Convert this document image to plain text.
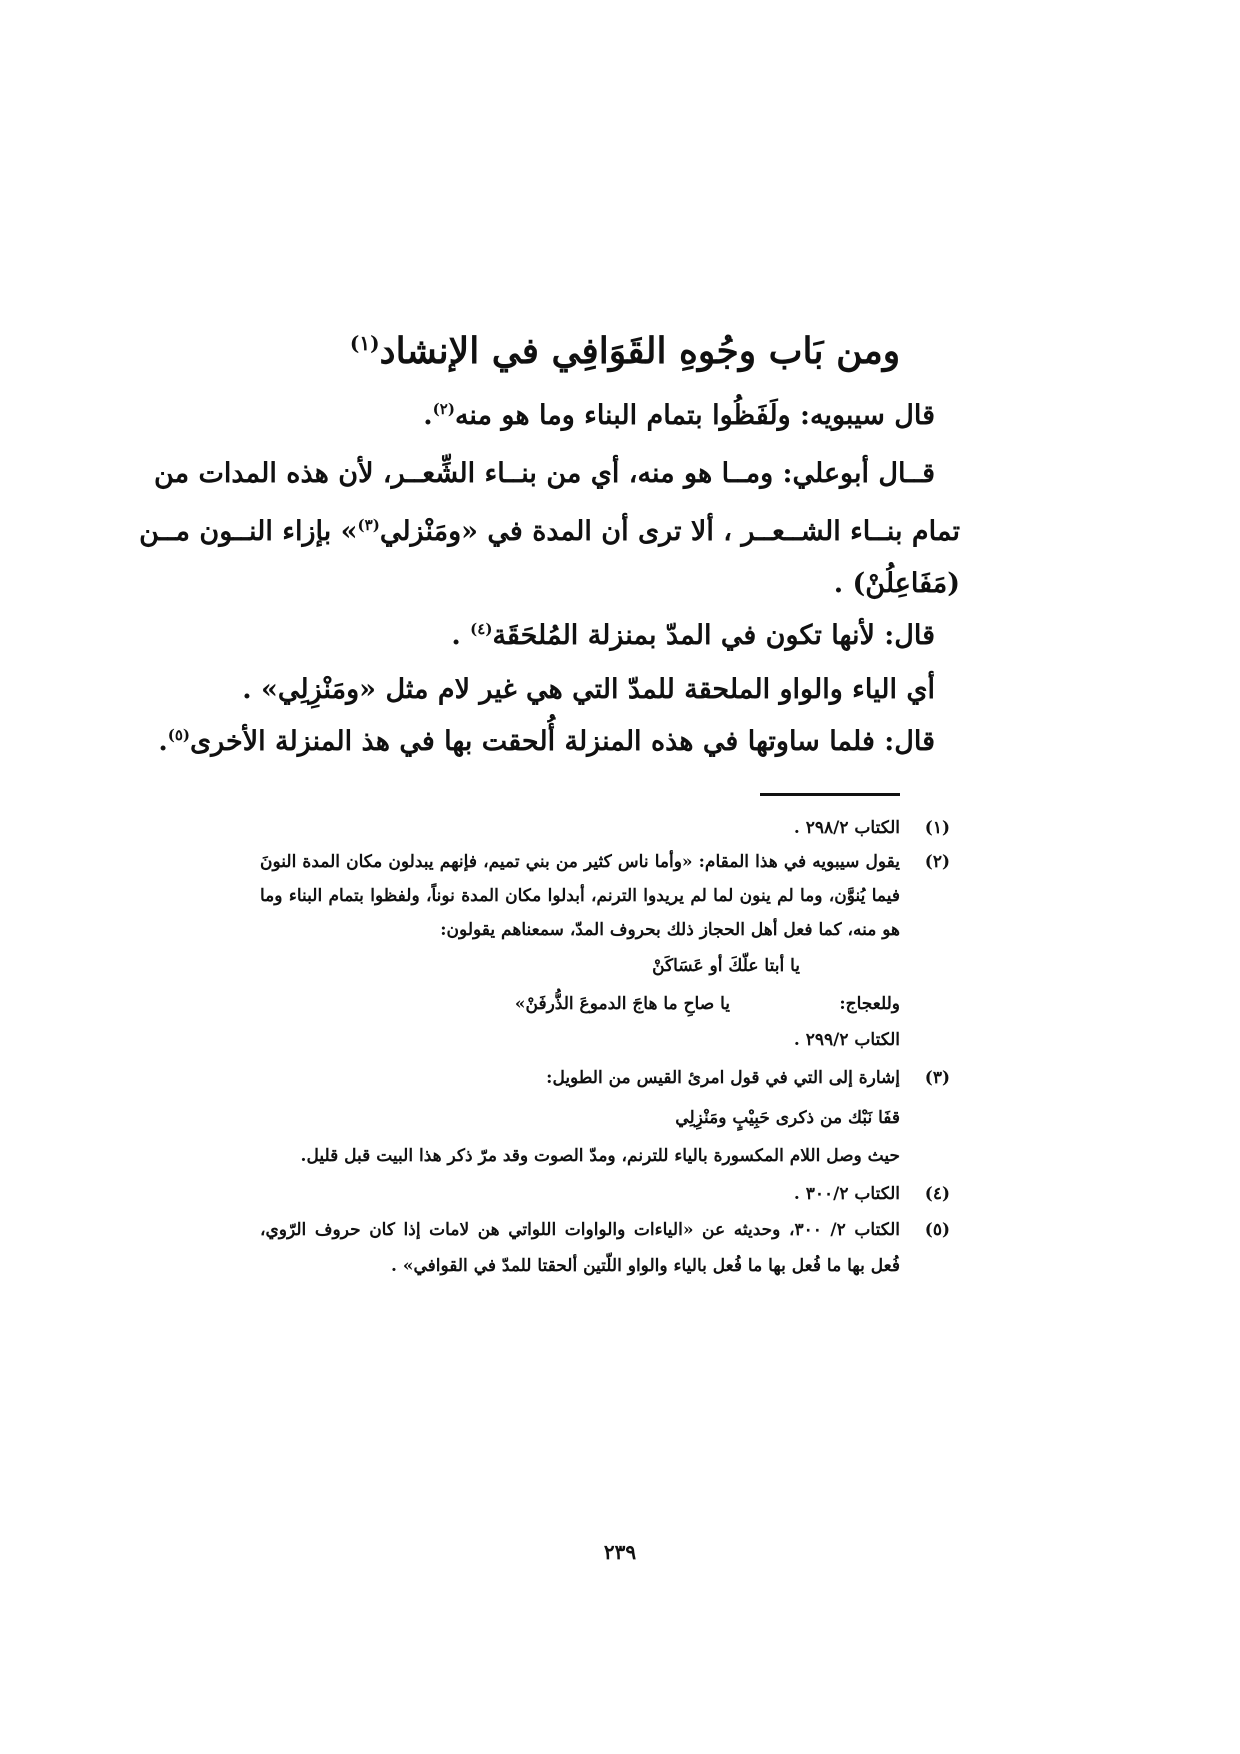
ومن بَاب وجُوهِ القَوَافِي في الإنشاد$^{(١)}$
قال سيبويه: ولَفَظُوا بتمام البناء وما هو منه$^{(٢)}$.
قــال أبوعلي: ومــا هو منه، أي من بنــاء الشِّعــر، لأن هذه المدات من
تمام بنــاء الشــعــر ، ألا ترى أن المدة في «ومَنْزلي$^{(٣)}$» بإزاء النــون مــن
(مَفَاعِلُنْ) .
قال: لأنها تكون في المدّ بمنزلة المُلحَقَة$^{(٤)}$ .
أي الياء والواو الملحقة للمدّ التي هي غير لام مثل «ومَنْزِلِي» .
قال: فلما ساوتها في هذه المنزلة أُلحقت بها في هذ المنزلة الأخرى$^{(٥)}$.
(١)
الكتاب ٢٩٨/٢ .
(٢)
يقول سيبويه في هذا المقام: «وأما ناس كثير من بني تميم، فإنهم يبدلون مكان المدة النونَ
فيما يُنوَّن، وما لم ينون لما لم يريدوا الترنم، أبدلوا مكان المدة نوناً، ولفظوا بتمام البناء وما
هو منه، كما فعل أهل الحجاز ذلك بحروف المدّ، سمعناهم يقولون:
يا أبتا علّكَ أو عَسَاكَنْ
وللعجاج:
يا صاحِ ما هاجَ الدموعَ الذُّرفَنْ»
الكتاب ٢٩٩/٢ .
(٣)
إشارة إلى التي في قول امرئ القيس من الطويل:
قفَا نَبْك من ذكرى حَبِيْبٍ ومَنْزِلِي
حيث وصل اللام المكسورة بالياء للترنم، ومدّ الصوت وقد مرّ ذكر هذا البيت قبل قليل.
(٤)
الكتاب ٣٠٠/٢ .
(٥)
الكتاب ٢/ ٣٠٠، وحديثه عن «الياءات والواوات اللواتي هن لامات إذا كان حروف الرّوي،
فُعل بها ما فُعل بها ما فُعل بالياء والواو اللّتين ألحقتا للمدّ في القوافي» .
٢٣٩
